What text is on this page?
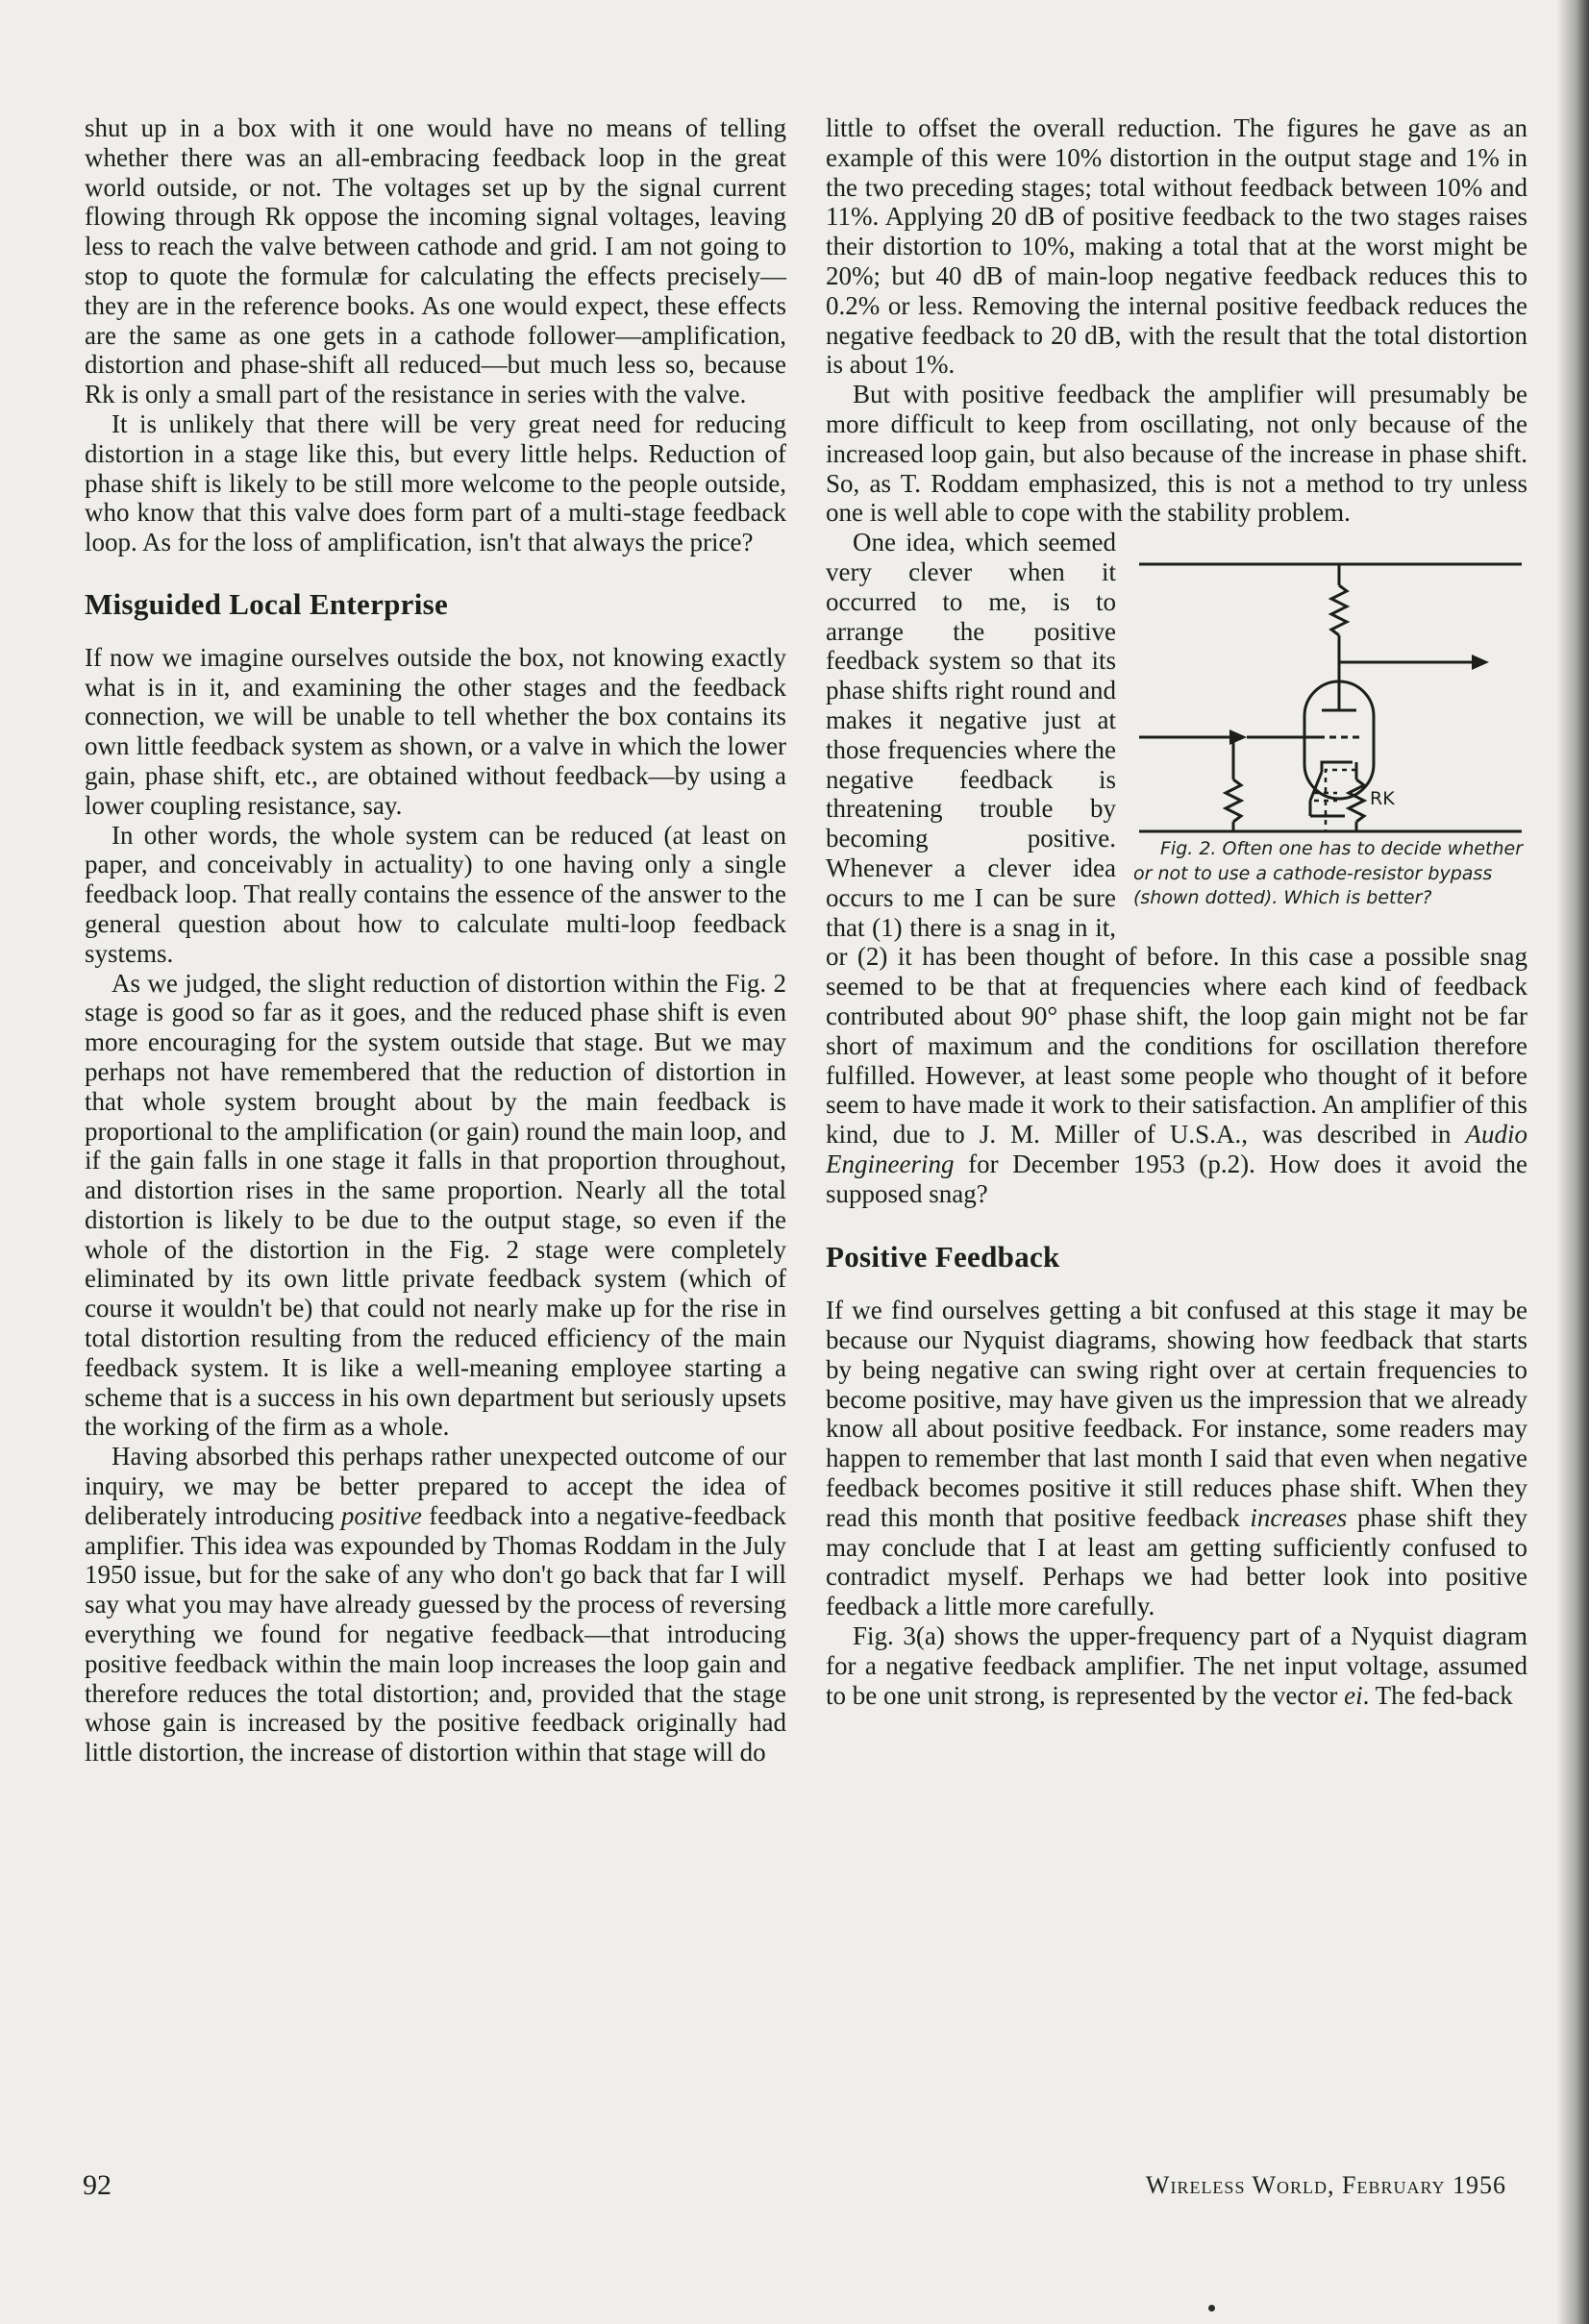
shut up in a box with it one would have no means of telling whether there was an all-embracing feedback loop in the great world outside, or not. The voltages set up by the signal current flowing through Rk oppose the incoming signal voltages, leaving less to reach the valve between cathode and grid. I am not going to stop to quote the formulæ for calculating the effects precisely—they are in the reference books. As one would expect, these effects are the same as one gets in a cathode follower—amplification, distortion and phase-shift all reduced—but much less so, because Rk is only a small part of the resistance in series with the valve.

It is unlikely that there will be very great need for reducing distortion in a stage like this, but every little helps. Reduction of phase shift is likely to be still more welcome to the people outside, who know that this valve does form part of a multi-stage feedback loop. As for the loss of amplification, isn't that always the price?

Misguided Local Enterprise

If now we imagine ourselves outside the box, not knowing exactly what is in it, and examining the other stages and the feedback connection, we will be unable to tell whether the box contains its own little feedback system as shown, or a valve in which the lower gain, phase shift, etc., are obtained without feedback—by using a lower coupling resistance, say.

In other words, the whole system can be reduced (at least on paper, and conceivably in actuality) to one having only a single feedback loop. That really contains the essence of the answer to the general question about how to calculate multi-loop feedback systems.

As we judged, the slight reduction of distortion within the Fig. 2 stage is good so far as it goes, and the reduced phase shift is even more encouraging for the system outside that stage. But we may perhaps not have remembered that the reduction of distortion in that whole system brought about by the main feedback is proportional to the amplification (or gain) round the main loop, and if the gain falls in one stage it falls in that proportion throughout, and distortion rises in the same proportion. Nearly all the total distortion is likely to be due to the output stage, so even if the whole of the distortion in the Fig. 2 stage were completely eliminated by its own little private feedback system (which of course it wouldn't be) that could not nearly make up for the rise in total distortion resulting from the reduced efficiency of the main feedback system. It is like a well-meaning employee starting a scheme that is a success in his own department but seriously upsets the working of the firm as a whole.

Having absorbed this perhaps rather unexpected outcome of our inquiry, we may be better prepared to accept the idea of deliberately introducing positive feedback into a negative-feedback amplifier. This idea was expounded by Thomas Roddam in the July 1950 issue, but for the sake of any who don't go back that far I will say what you may have already guessed by the process of reversing everything we found for negative feedback—that introducing positive feedback within the main loop increases the loop gain and therefore reduces the total distortion; and, provided that the stage whose gain is increased by the positive feedback originally had little distortion, the increase of distortion within that stage will do

little to offset the overall reduction. The figures he gave as an example of this were 10% distortion in the output stage and 1% in the two preceding stages; total without feedback between 10% and 11%. Applying 20 dB of positive feedback to the two stages raises their distortion to 10%, making a total that at the worst might be 20%; but 40 dB of main-loop negative feedback reduces this to 0.2% or less. Removing the internal positive feedback reduces the negative feedback to 20 dB, with the result that the total distortion is about 1%.

But with positive feedback the amplifier will presumably be more difficult to keep from oscillating, not only because of the increased loop gain, but also because of the increase in phase shift. So, as T. Roddam emphasized, this is not a method to try unless one is well able to cope with the stability problem.

RK

Fig. 2. Often one has to decide whether or not to use a cathode-resistor bypass (shown dotted). Which is better?

One idea, which seemed very clever when it occurred to me, is to arrange the positive feedback system so that its phase shifts right round and makes it negative just at those frequencies where the negative feedback is threatening trouble by becoming positive. Whenever a clever idea occurs to me I can be sure that (1) there is a snag in it, or (2) it has been thought of before. In this case a possible snag seemed to be that at frequencies where each kind of feedback contributed about 90° phase shift, the loop gain might not be far short of maximum and the conditions for oscillation therefore fulfilled. However, at least some people who thought of it before seem to have made it work to their satisfaction. An amplifier of this kind, due to J. M. Miller of U.S.A., was described in Audio Engineering for December 1953 (p.2). How does it avoid the supposed snag?

Positive Feedback

If we find ourselves getting a bit confused at this stage it may be because our Nyquist diagrams, showing how feedback that starts by being negative can swing right over at certain frequencies to become positive, may have given us the impression that we already know all about positive feedback. For instance, some readers may happen to remember that last month I said that even when negative feedback becomes positive it still reduces phase shift. When they read this month that positive feedback increases phase shift they may conclude that I at least am getting sufficiently confused to contradict myself. Perhaps we had better look into positive feedback a little more carefully.

Fig. 3(a) shows the upper-frequency part of a Nyquist diagram for a negative feedback amplifier. The net input voltage, assumed to be one unit strong, is represented by the vector ei. The fed-back

92	Wireless World, February 1956
